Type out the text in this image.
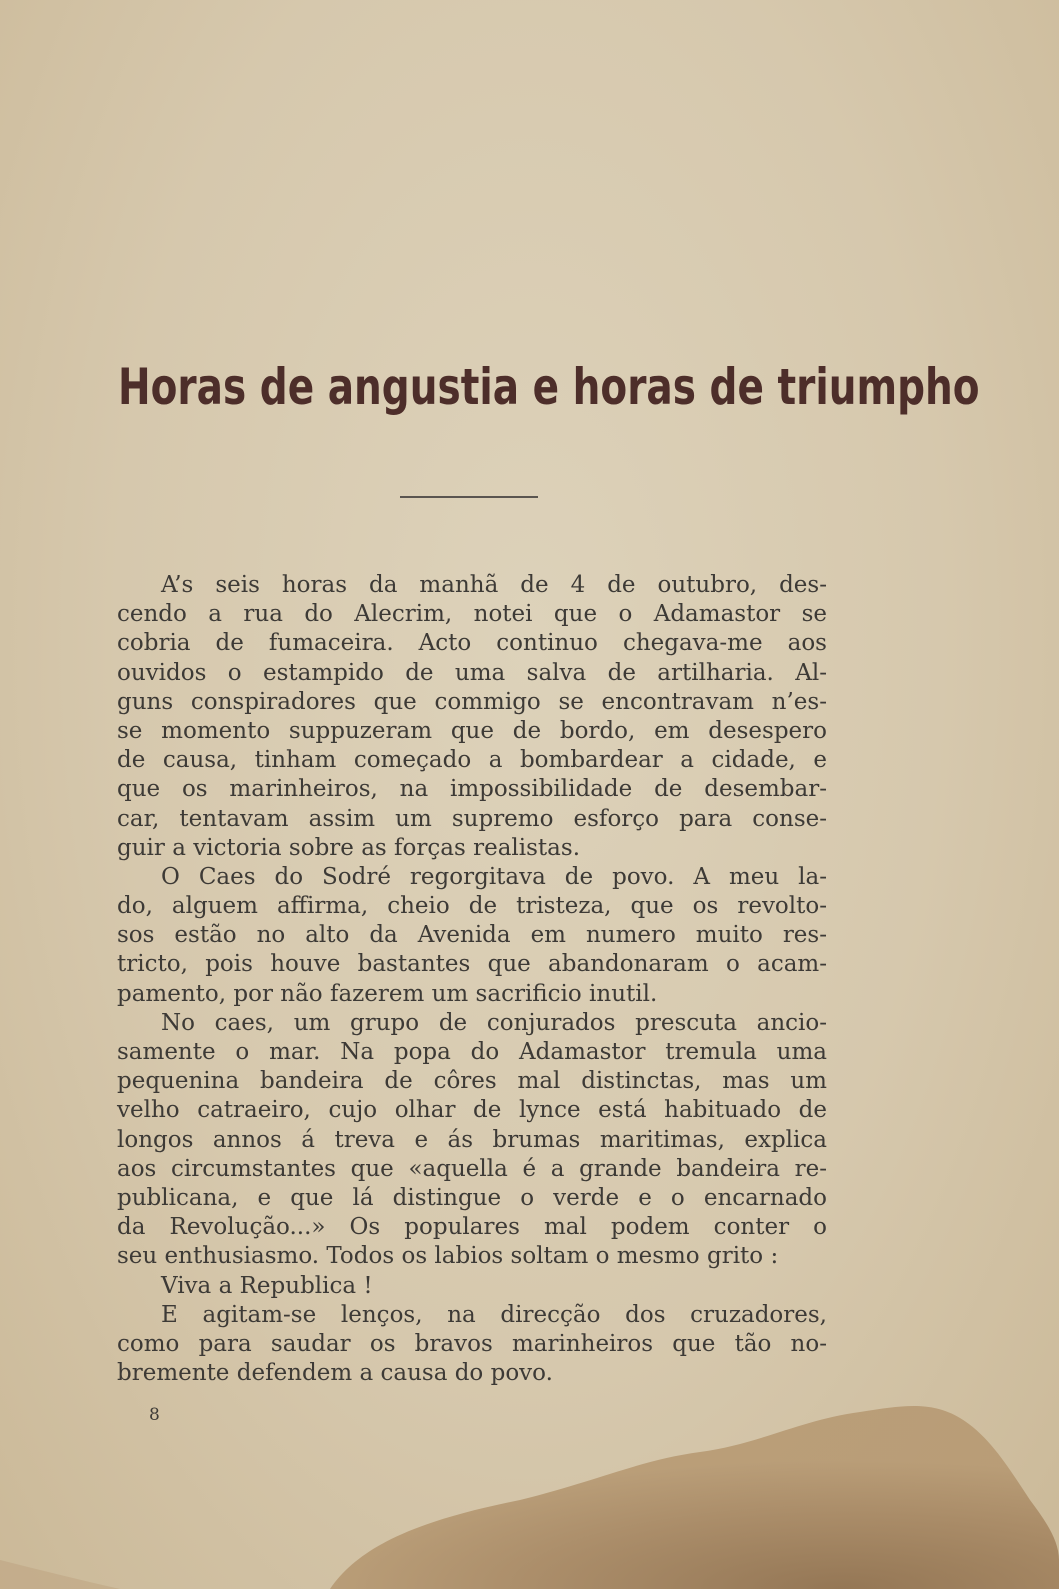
Horas de angustia e horas de triumpho
A’s seis horas da manhã de 4 de outubro, des-
cendo a rua do Alecrim, notei que o Adamastor se
cobria de fumaceira. Acto continuo chegava-me aos
ouvidos o estampido de uma salva de artilharia. Al-
guns conspiradores que commigo se encontravam n’es-
se momento suppuzeram que de bordo, em desespero
de causa, tinham começado a bombardear a cidade, e
que os marinheiros, na impossibilidade de desembar-
car, tentavam assim um supremo esforço para conse-
guir a victoria sobre as forças realistas.
O Caes do Sodré regorgitava de povo. A meu la-
do, alguem affirma, cheio de tristeza, que os revolto-
sos estão no alto da Avenida em numero muito res-
tricto, pois houve bastantes que abandonaram o acam-
pamento, por não fazerem um sacrificio inutil.
No caes, um grupo de conjurados prescuta ancio-
samente o mar. Na popa do Adamastor tremula uma
pequenina bandeira de côres mal distinctas, mas um
velho catraeiro, cujo olhar de lynce está habituado de
longos annos á treva e ás brumas maritimas, explica
aos circumstantes que «aquella é a grande bandeira re-
publicana, e que lá distingue o verde e o encarnado
da Revolução...» Os populares mal podem conter o
seu enthusiasmo. Todos os labios soltam o mesmo grito :
Viva a Republica !
E agitam-se lenços, na direcção dos cruzadores,
como para saudar os bravos marinheiros que tão no-
bremente defendem a causa do povo.
8
